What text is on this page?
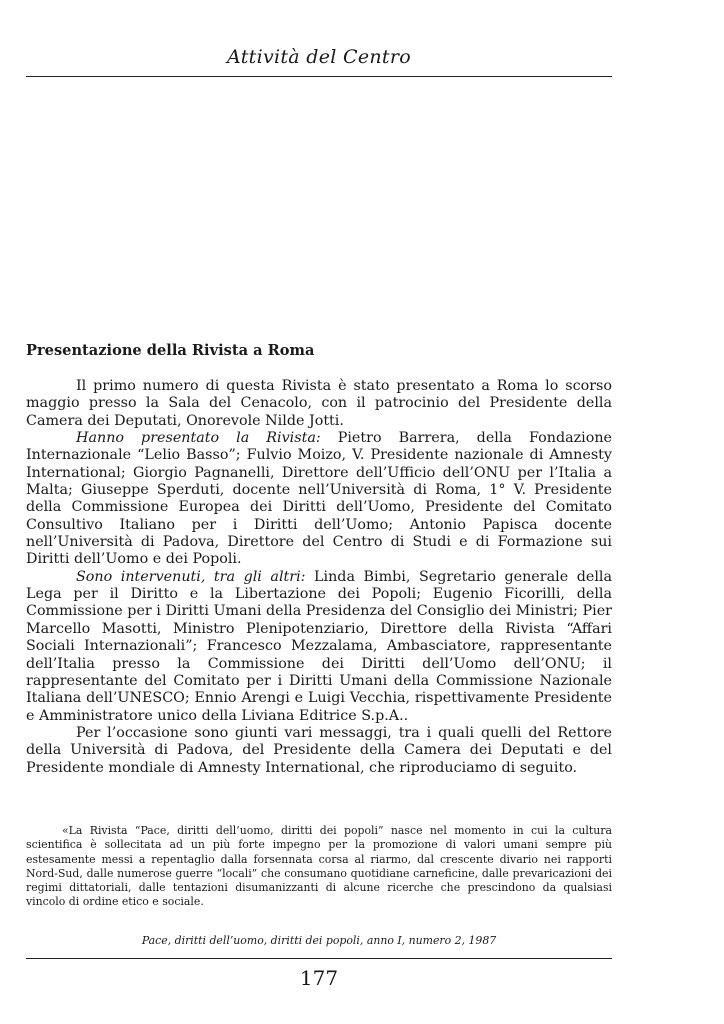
Attività del Centro
Presentazione della Rivista a Roma

Il primo numero di questa Rivista è stato presentato a Roma lo scorso maggio presso la Sala del Cenacolo, con il patrocinio del Presidente della Camera dei Deputati, Onorevole Nilde Jotti.

Hanno presentato la Rivista: Pietro Barrera, della Fondazione Internazionale “Lelio Basso”; Fulvio Moizo, V. Presidente nazionale di Amnesty International; Giorgio Pagnanelli, Direttore dell’Ufficio dell’ONU per l’Italia a Malta; Giuseppe Sperduti, docente nell’Università di Roma, 1° V. Presidente della Commissione Europea dei Diritti dell’Uomo, Presidente del Comitato Consultivo Italiano per i Diritti dell’Uomo; Antonio Papisca docente nell’Università di Padova, Direttore del Centro di Studi e di Formazione sui Diritti dell’Uomo e dei Popoli.

Sono intervenuti, tra gli altri: Linda Bimbi, Segretario generale della Lega per il Diritto e la Libertazione dei Popoli; Eugenio Ficorilli, della Commissione per i Diritti Umani della Presidenza del Consiglio dei Ministri; Pier Marcello Masotti, Ministro Plenipotenziario, Direttore della Rivista “Affari Sociali Internazionali”; Francesco Mezzalama, Ambasciatore, rappresentante dell’Italia presso la Commissione dei Diritti dell’Uomo dell’ONU; il rappresentante del Comitato per i Diritti Umani della Commissione Nazionale Italiana dell’UNESCO; Ennio Arengi e Luigi Vecchia, rispettivamente Presidente e Amministratore unico della Liviana Editrice S.p.A..

Per l’occasione sono giunti vari messaggi, tra i quali quelli del Rettore della Università di Padova, del Presidente della Camera dei Deputati e del Presidente mondiale di Amnesty International, che riproduciamo di seguito.

«La Rivista “Pace, diritti dell’uomo, diritti dei popoli” nasce nel momento in cui la cultura scientifica è sollecitata ad un più forte impegno per la promozione di valori umani sempre più estesamente messi a repentaglio dalla forsennata corsa al riarmo, dal crescente divario nei rapporti Nord-Sud, dalle numerose guerre “locali” che consumano quotidiane carneficine, dalle prevaricazioni dei regimi dittatoriali, dalle tentazioni disumanizzanti di alcune ricerche che prescindono da qualsiasi vincolo di ordine etico e sociale.

Pace, diritti dell’uomo, diritti dei popoli, anno I, numero 2, 1987
177
